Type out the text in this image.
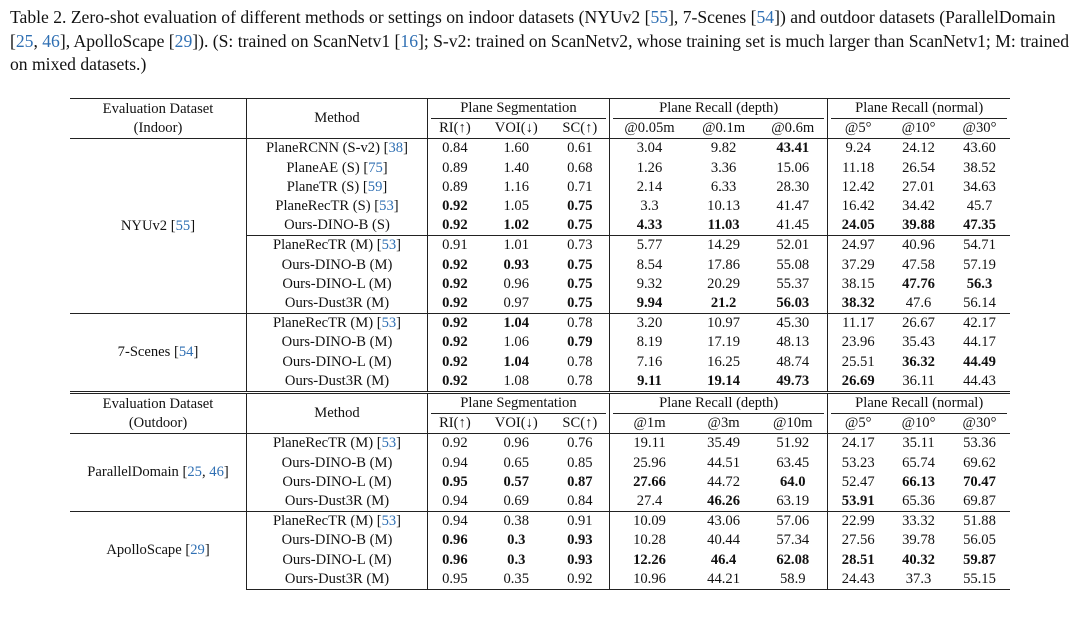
Table 2. Zero-shot evaluation of different methods or settings on indoor datasets (NYUv2 [55], 7-Scenes [54]) and outdoor datasets (ParallelDomain [25, 46], ApolloScape [29]). (S: trained on ScanNetv1 [16]; S-v2: trained on ScanNetv2, whose training set is much larger than ScanNetv1; M: trained on mixed datasets.)
Evaluation Dataset
(Indoor)	Method	Plane Segmentation			Plane Recall (depth)			Plane Recall (normal)		

		RI(↑)	VOI(↓)	SC(↑)	@0.05m	@0.1m	@0.6m	@5°	@10°	@30°
NYUv2 [55]	PlaneRCNN (S-v2) [38]	0.84	1.60	0.61	3.04	9.82	43.41	9.24	24.12	43.60
	PlaneAE (S) [75]	0.89	1.40	0.68	1.26	3.36	15.06	11.18	26.54	38.52
	PlaneTR (S) [59]	0.89	1.16	0.71	2.14	6.33	28.30	12.42	27.01	34.63
	PlaneRecTR (S) [53]	0.92	1.05	0.75	3.3	10.13	41.47	16.42	34.42	45.7
	Ours-DINO-B (S)	0.92	1.02	0.75	4.33	11.03	41.45	24.05	39.88	47.35
	PlaneRecTR (M) [53]	0.91	1.01	0.73	5.77	14.29	52.01	24.97	40.96	54.71
	Ours-DINO-B (M)	0.92	0.93	0.75	8.54	17.86	55.08	37.29	47.58	57.19
	Ours-DINO-L (M)	0.92	0.96	0.75	9.32	20.29	55.37	38.15	47.76	56.3
	Ours-Dust3R (M)	0.92	0.97	0.75	9.94	21.2	56.03	38.32	47.6	56.14
7-Scenes [54]	PlaneRecTR (M) [53]	0.92	1.04	0.78	3.20	10.97	45.30	11.17	26.67	42.17
	Ours-DINO-B (M)	0.92	1.06	0.79	8.19	17.19	48.13	23.96	35.43	44.17
	Ours-DINO-L (M)	0.92	1.04	0.78	7.16	16.25	48.74	25.51	36.32	44.49
	Ours-Dust3R (M)	0.92	1.08	0.78	9.11	19.14	49.73	26.69	36.11	44.43
Evaluation Dataset
(Outdoor)	Method	Plane Segmentation			Plane Recall (depth)			Plane Recall (normal)		

		RI(↑)	VOI(↓)	SC(↑)	@1m	@3m	@10m	@5°	@10°	@30°
ParallelDomain [25, 46]	PlaneRecTR (M) [53]	0.92	0.96	0.76	19.11	35.49	51.92	24.17	35.11	53.36
	Ours-DINO-B (M)	0.94	0.65	0.85	25.96	44.51	63.45	53.23	65.74	69.62
	Ours-DINO-L (M)	0.95	0.57	0.87	27.66	44.72	64.0	52.47	66.13	70.47
	Ours-Dust3R (M)	0.94	0.69	0.84	27.4	46.26	63.19	53.91	65.36	69.87
ApolloScape [29]	PlaneRecTR (M) [53]	0.94	0.38	0.91	10.09	43.06	57.06	22.99	33.32	51.88
	Ours-DINO-B (M)	0.96	0.3	0.93	10.28	40.44	57.34	27.56	39.78	56.05
	Ours-DINO-L (M)	0.96	0.3	0.93	12.26	46.4	62.08	28.51	40.32	59.87
	Ours-Dust3R (M)	0.95	0.35	0.92	10.96	44.21	58.9	24.43	37.3	55.15
